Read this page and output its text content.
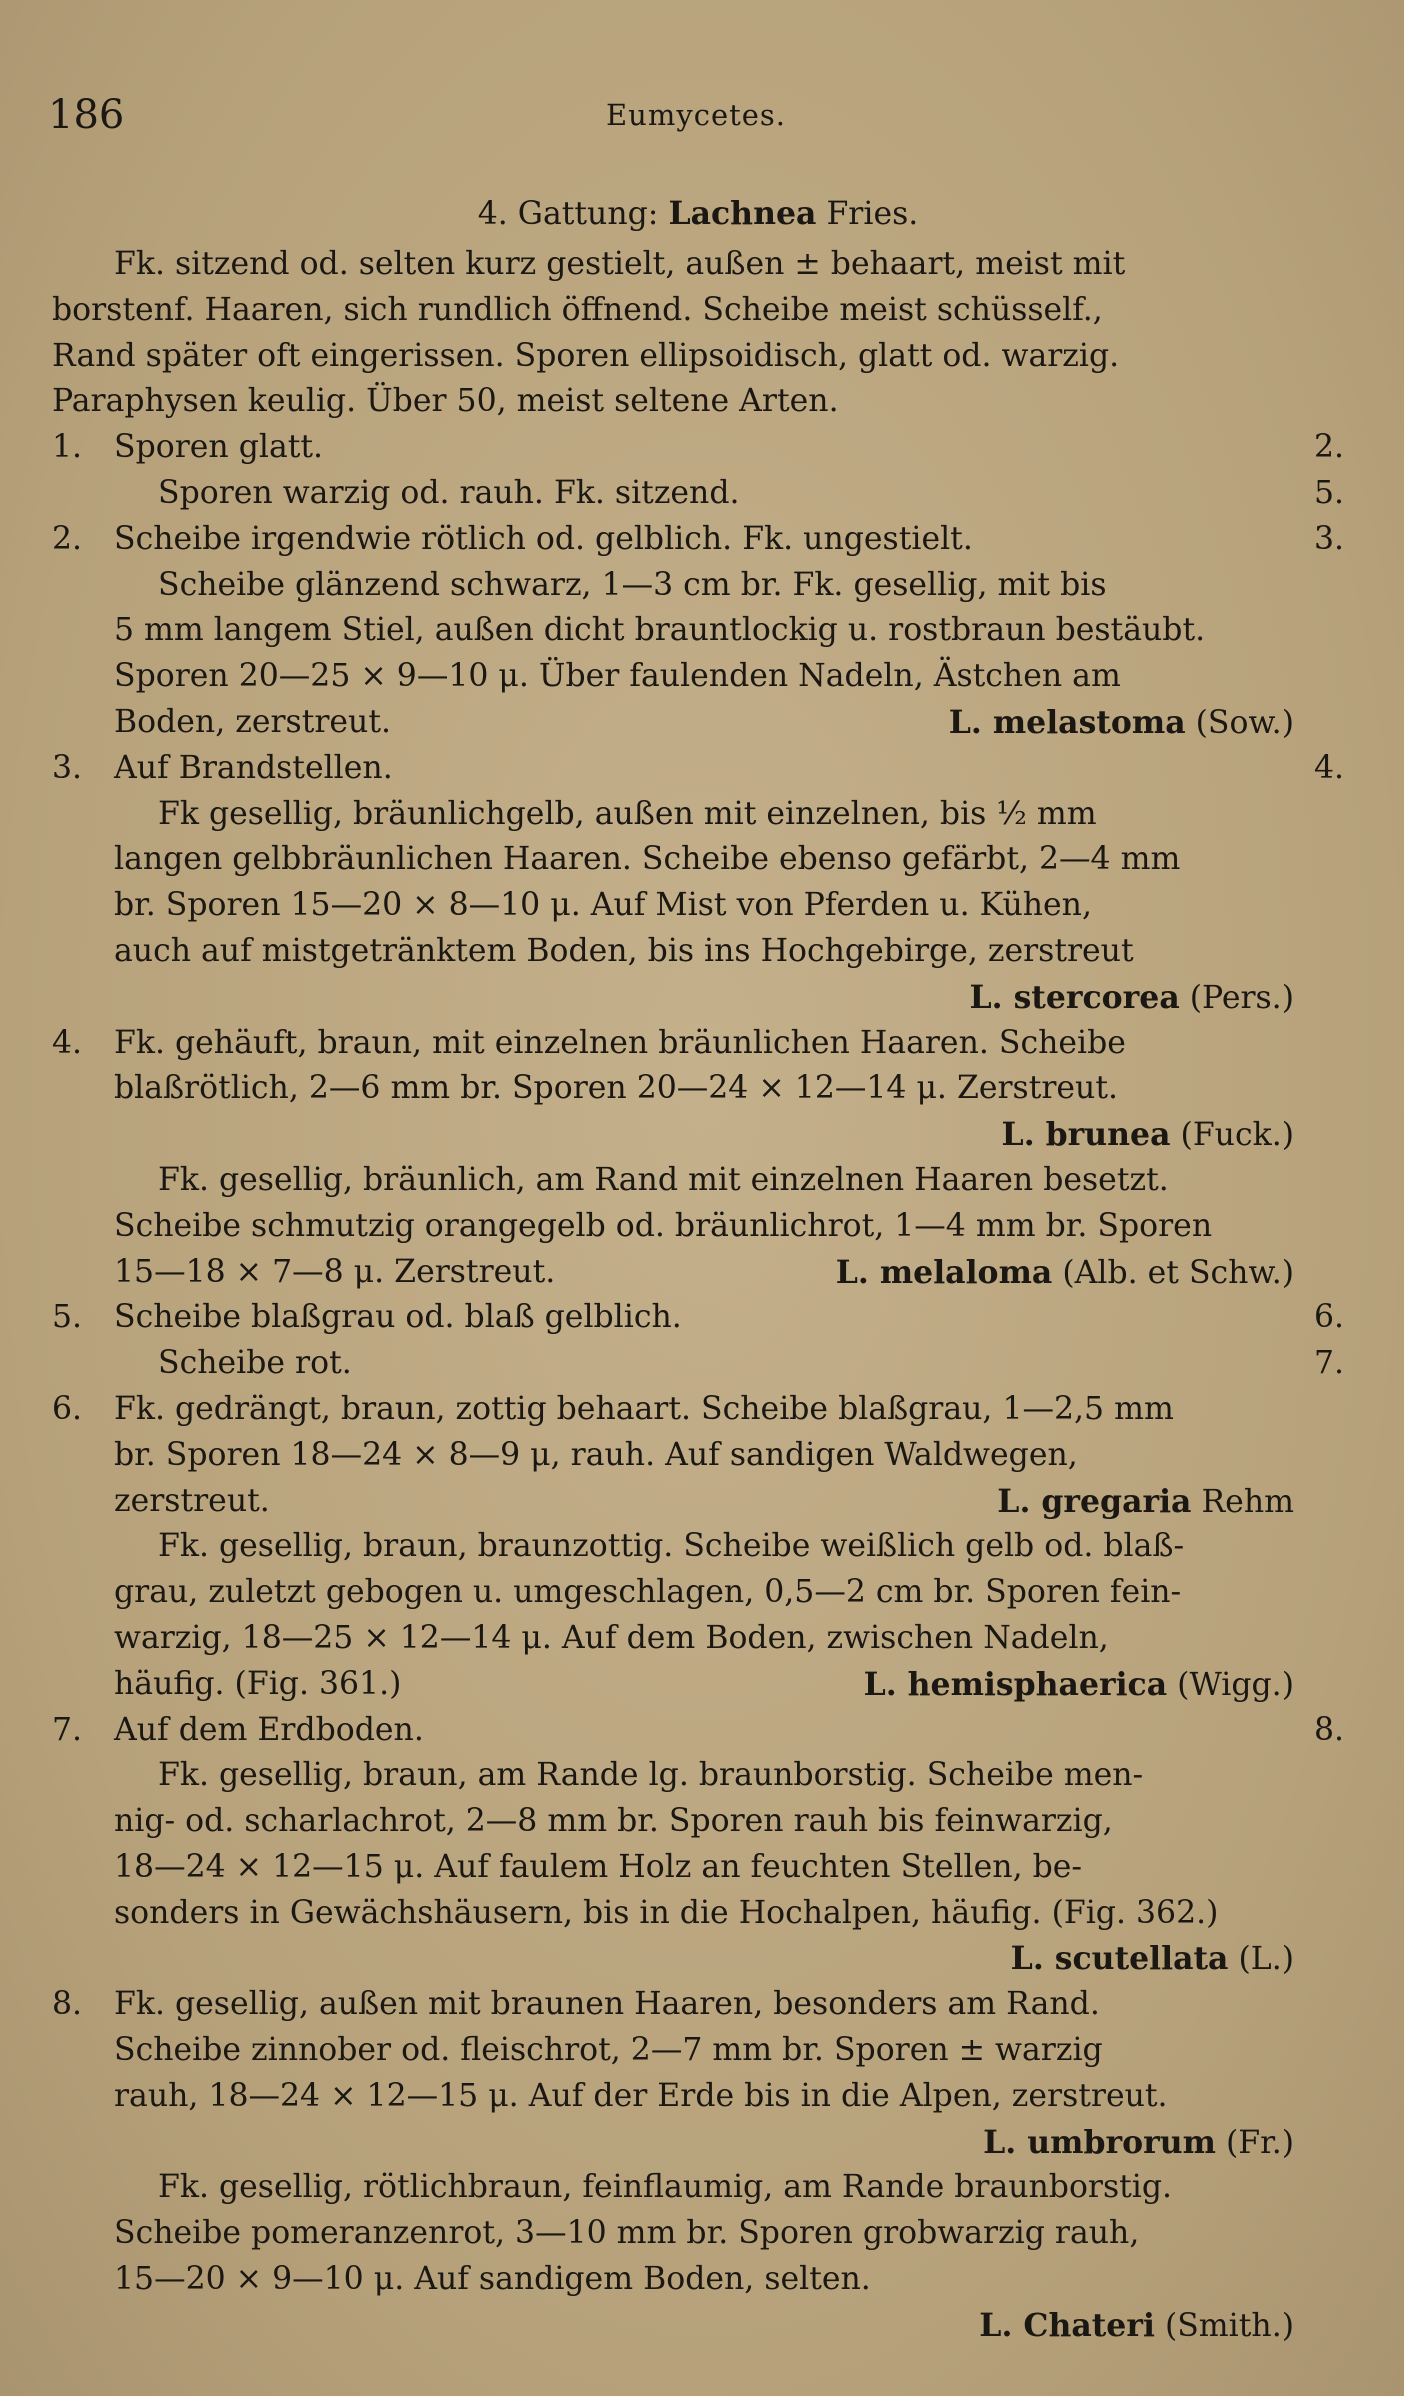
186	Eumycetes.
4. Gattung: Lachnea Fries.
Fk. sitzend od. selten kurz gestielt, außen ± behaart, meist mit
borstenf. Haaren, sich rundlich öffnend. Scheibe meist schüsself.,
Rand später oft eingerissen. Sporen ellipsoidisch, glatt od. warzig.
Paraphysen keulig. Über 50, meist seltene Arten.
1. Sporen glatt.	2.
Sporen warzig od. rauh. Fk. sitzend.	5.
2. Scheibe irgendwie rötlich od. gelblich. Fk. ungestielt.	3.
Scheibe glänzend schwarz, 1—3 cm br. Fk. gesellig, mit bis
5 mm langem Stiel, außen dicht brauntlockig u. rostbraun bestäubt.
Sporen 20—25 × 9—10 μ. Über faulenden Nadeln, Ästchen am
Boden, zerstreut.	L. melastoma (Sow.)
3. Auf Brandstellen.	4.
Fk gesellig, bräunlichgelb, außen mit einzelnen, bis ½ mm
langen gelbbräunlichen Haaren. Scheibe ebenso gefärbt, 2—4 mm
br. Sporen 15—20 × 8—10 μ. Auf Mist von Pferden u. Kühen,
auch auf mistgetränktem Boden, bis ins Hochgebirge, zerstreut
L. stercorea (Pers.)
4. Fk. gehäuft, braun, mit einzelnen bräunlichen Haaren. Scheibe
blaßrötlich, 2—6 mm br. Sporen 20—24 × 12—14 μ. Zerstreut.
L. brunea (Fuck.)
Fk. gesellig, bräunlich, am Rand mit einzelnen Haaren besetzt.
Scheibe schmutzig orangegelb od. bräunlichrot, 1—4 mm br. Sporen
15—18 × 7—8 μ. Zerstreut.	L. melaloma (Alb. et Schw.)
5. Scheibe blaßgrau od. blaß gelblich.	6.
Scheibe rot.	7.
6. Fk. gedrängt, braun, zottig behaart. Scheibe blaßgrau, 1—2,5 mm
br. Sporen 18—24 × 8—9 μ, rauh. Auf sandigen Waldwegen,
zerstreut.	L. gregaria Rehm
Fk. gesellig, braun, braunzottig. Scheibe weißlich gelb od. blaß-
grau, zuletzt gebogen u. umgeschlagen, 0,5—2 cm br. Sporen fein-
warzig, 18—25 × 12—14 μ. Auf dem Boden, zwischen Nadeln,
häufig. (Fig. 361.)	L. hemisphaerica (Wigg.)
7. Auf dem Erdboden.	8.
Fk. gesellig, braun, am Rande lg. braunborstig. Scheibe men-
nig- od. scharlachrot, 2—8 mm br. Sporen rauh bis feinwarzig,
18—24 × 12—15 μ. Auf faulem Holz an feuchten Stellen, be-
sonders in Gewächshäusern, bis in die Hochalpen, häufig. (Fig. 362.)
L. scutellata (L.)
8. Fk. gesellig, außen mit braunen Haaren, besonders am Rand.
Scheibe zinnober od. fleischrot, 2—7 mm br. Sporen ± warzig
rauh, 18—24 × 12—15 μ. Auf der Erde bis in die Alpen, zerstreut.
L. umbrorum (Fr.)
Fk. gesellig, rötlichbraun, feinflaumig, am Rande braunborstig.
Scheibe pomeranzenrot, 3—10 mm br. Sporen grobwarzig rauh,
15—20 × 9—10 μ. Auf sandigem Boden, selten.
L. Chateri (Smith.)
